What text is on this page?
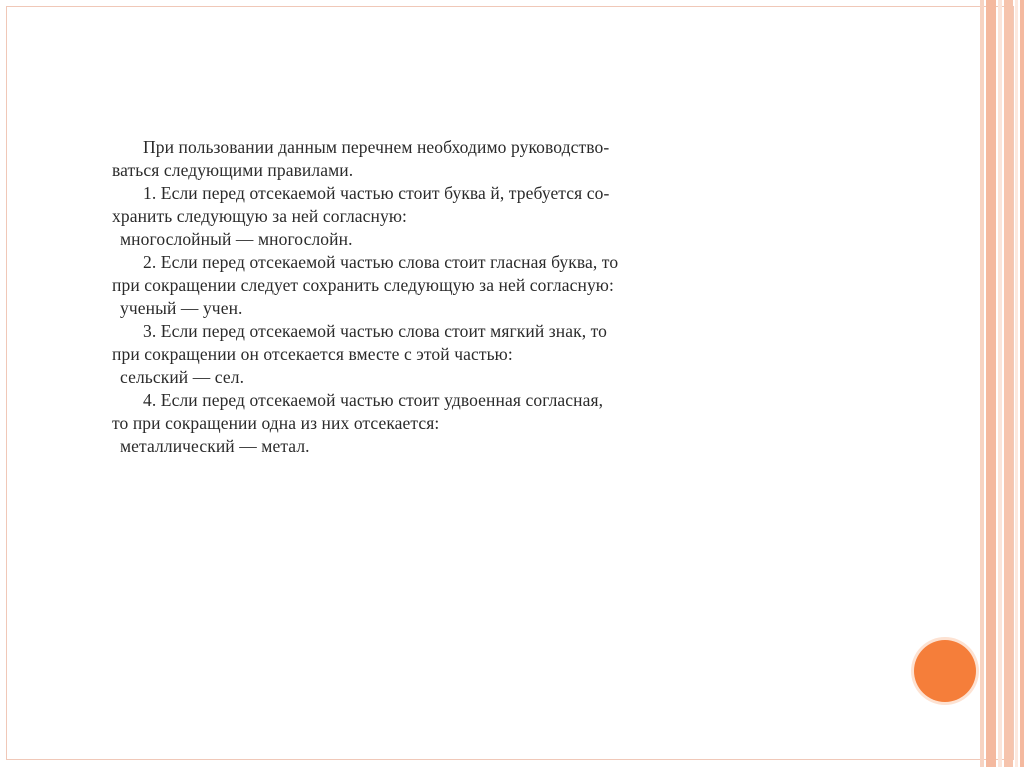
При пользовании данным перечнем необходимо руководство-
ваться следующими правилами.
1. Если перед отсекаемой частью стоит буква й, требуется со-
хранить следующую за ней согласную:
многослойный — многослойн.
2. Если перед отсекаемой частью слова стоит гласная буква, то
при сокращении следует сохранить следующую за ней согласную:
ученый — учен.
3. Если перед отсекаемой частью слова стоит мягкий знак, то
при сокращении он отсекается вместе с этой частью:
сельский — сел.
4. Если перед отсекаемой частью стоит удвоенная согласная,
то при сокращении одна из них отсекается:
металлический — метал.
